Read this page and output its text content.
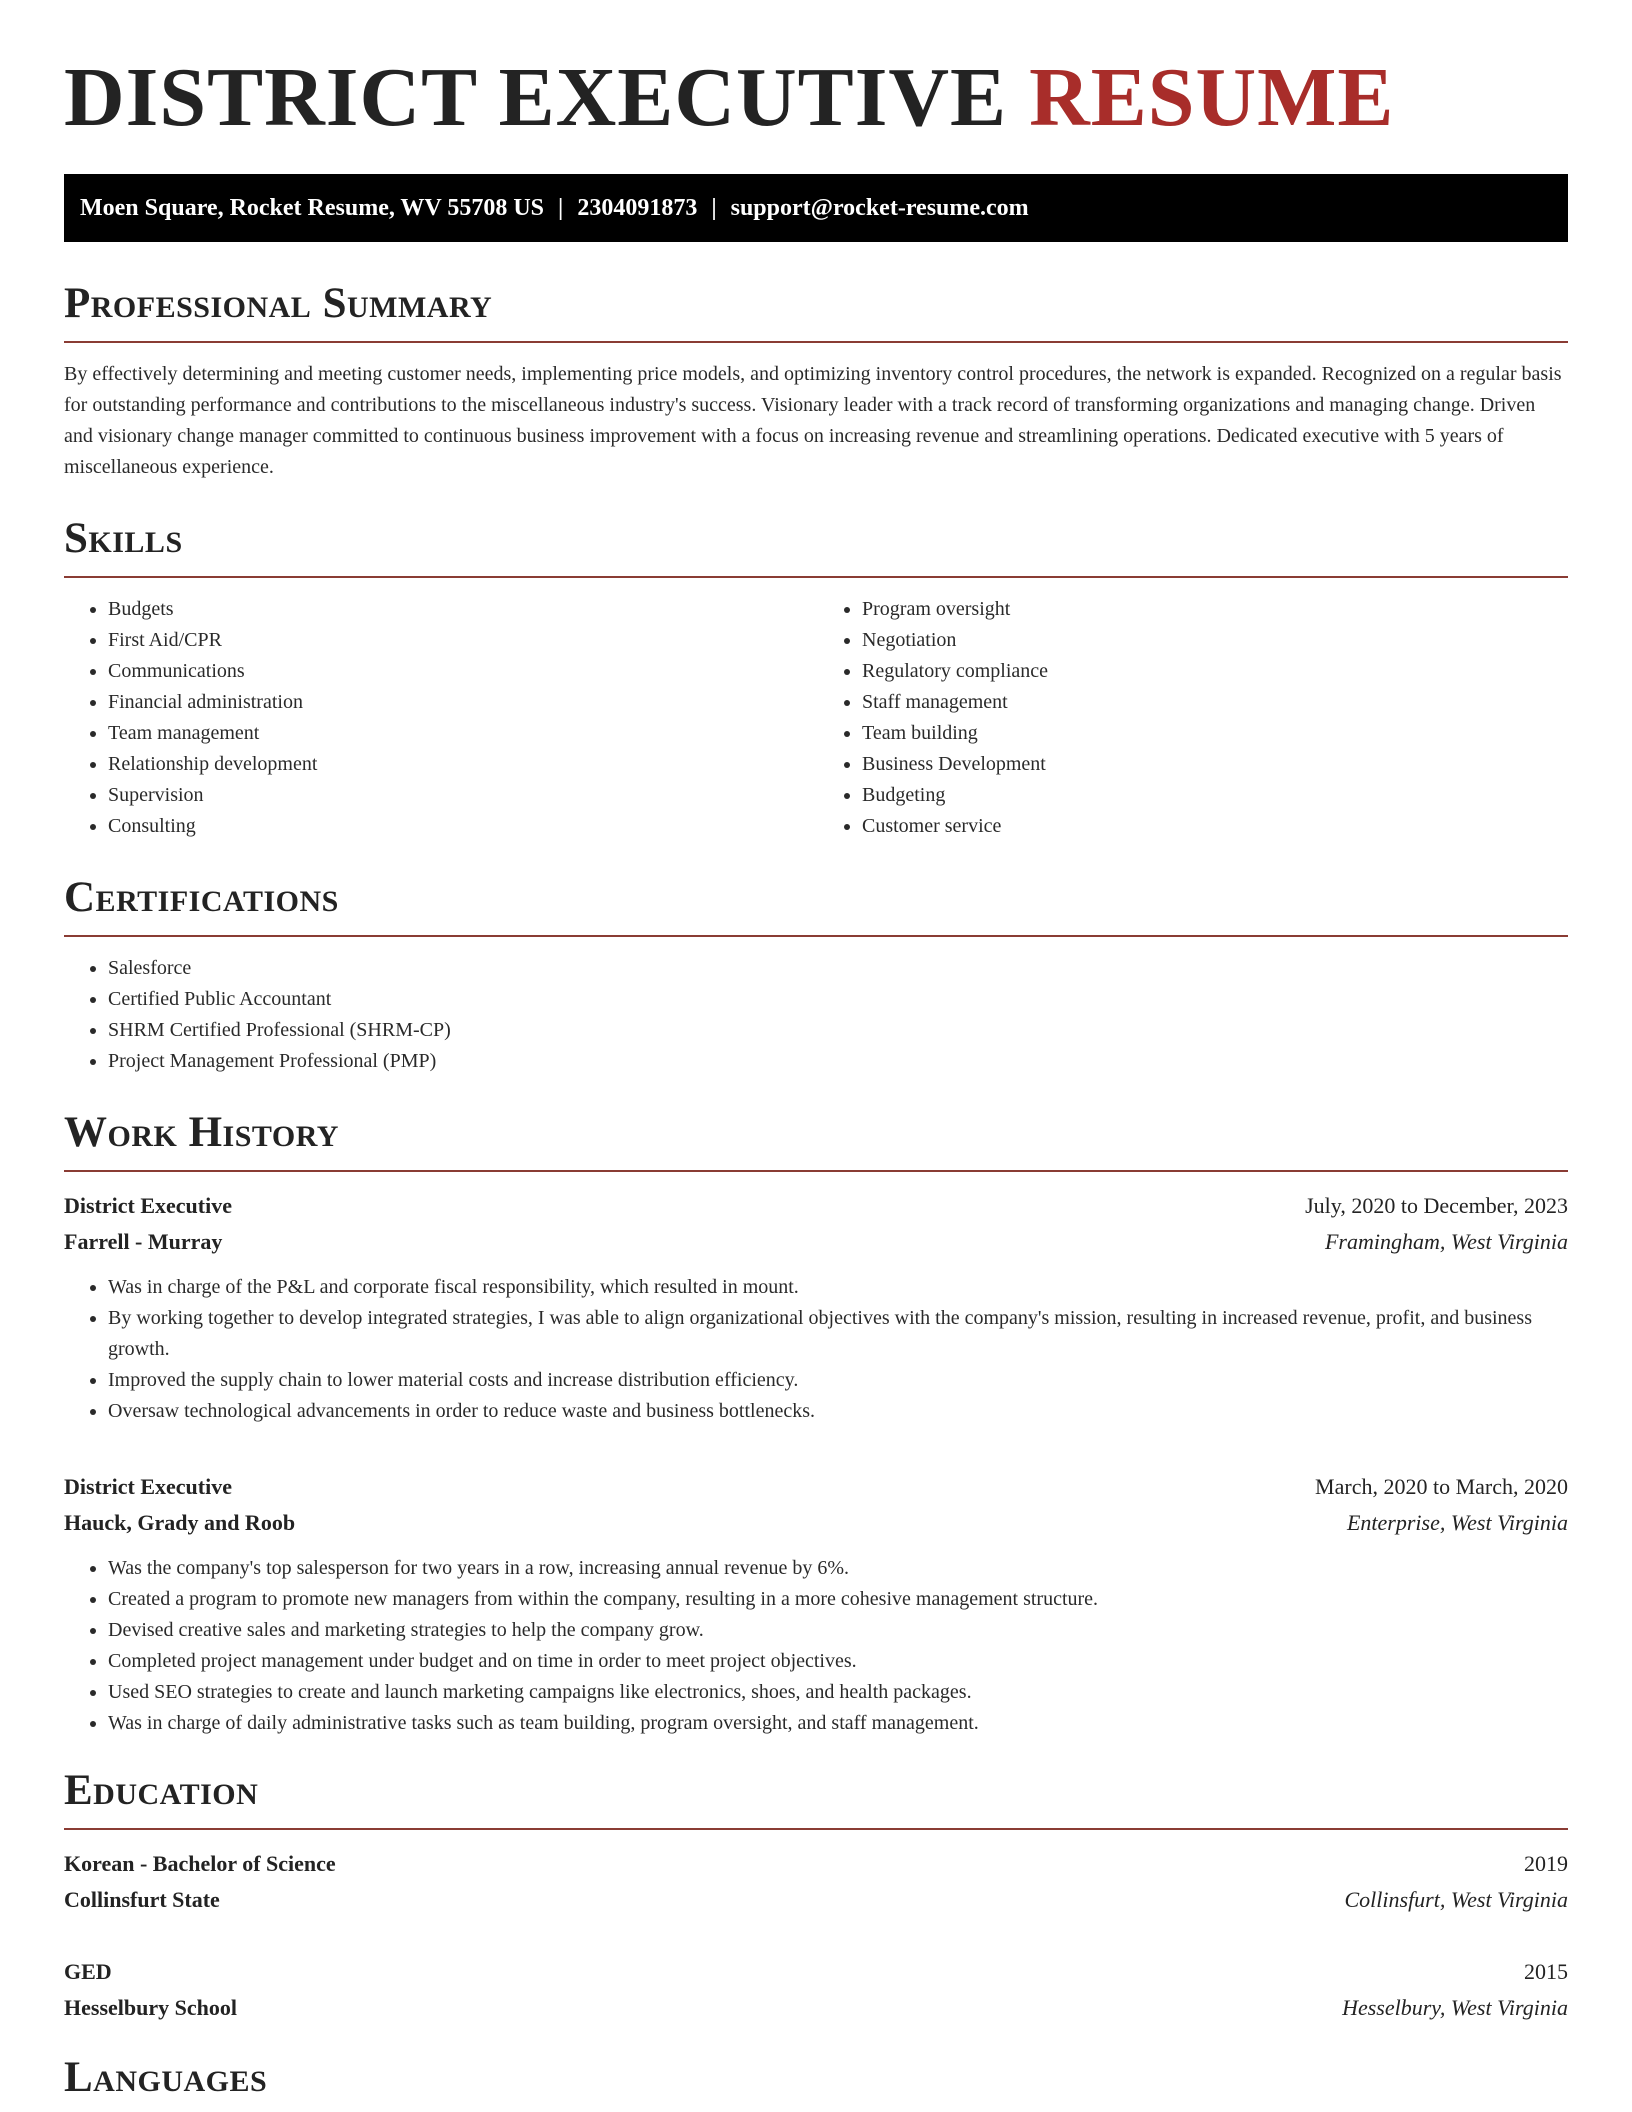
DISTRICT EXECUTIVE RESUME
Moen Square, Rocket Resume, WV 55708 US | 2304091873 | support@rocket-resume.com
Professional Summary
By effectively determining and meeting customer needs, implementing price models, and optimizing inventory control procedures, the network is expanded. Recognized on a regular basis for outstanding performance and contributions to the miscellaneous industry's success. Visionary leader with a track record of transforming organizations and managing change. Driven and visionary change manager committed to continuous business improvement with a focus on increasing revenue and streamlining operations. Dedicated executive with 5 years of miscellaneous experience.
Skills
• Budgets
• First Aid/CPR
• Communications
• Financial administration
• Team management
• Relationship development
• Supervision
• Consulting
• Program oversight
• Negotiation
• Regulatory compliance
• Staff management
• Team building
• Business Development
• Budgeting
• Customer service
Certifications
• Salesforce
• Certified Public Accountant
• SHRM Certified Professional (SHRM-CP)
• Project Management Professional (PMP)
Work History
District Executive	July, 2020 to December, 2023
Farrell - Murray	Framingham, West Virginia
• Was in charge of the P&L and corporate fiscal responsibility, which resulted in mount.
• By working together to develop integrated strategies, I was able to align organizational objectives with the company's mission, resulting in increased revenue, profit, and business growth.
• Improved the supply chain to lower material costs and increase distribution efficiency.
• Oversaw technological advancements in order to reduce waste and business bottlenecks.
District Executive	March, 2020 to March, 2020
Hauck, Grady and Roob	Enterprise, West Virginia
• Was the company's top salesperson for two years in a row, increasing annual revenue by 6%.
• Created a program to promote new managers from within the company, resulting in a more cohesive management structure.
• Devised creative sales and marketing strategies to help the company grow.
• Completed project management under budget and on time in order to meet project objectives.
• Used SEO strategies to create and launch marketing campaigns like electronics, shoes, and health packages.
• Was in charge of daily administrative tasks such as team building, program oversight, and staff management.
Education
Korean - Bachelor of Science	2019
Collinsfurt State	Collinsfurt, West Virginia
GED	2015
Hesselbury School	Hesselbury, West Virginia
Languages
